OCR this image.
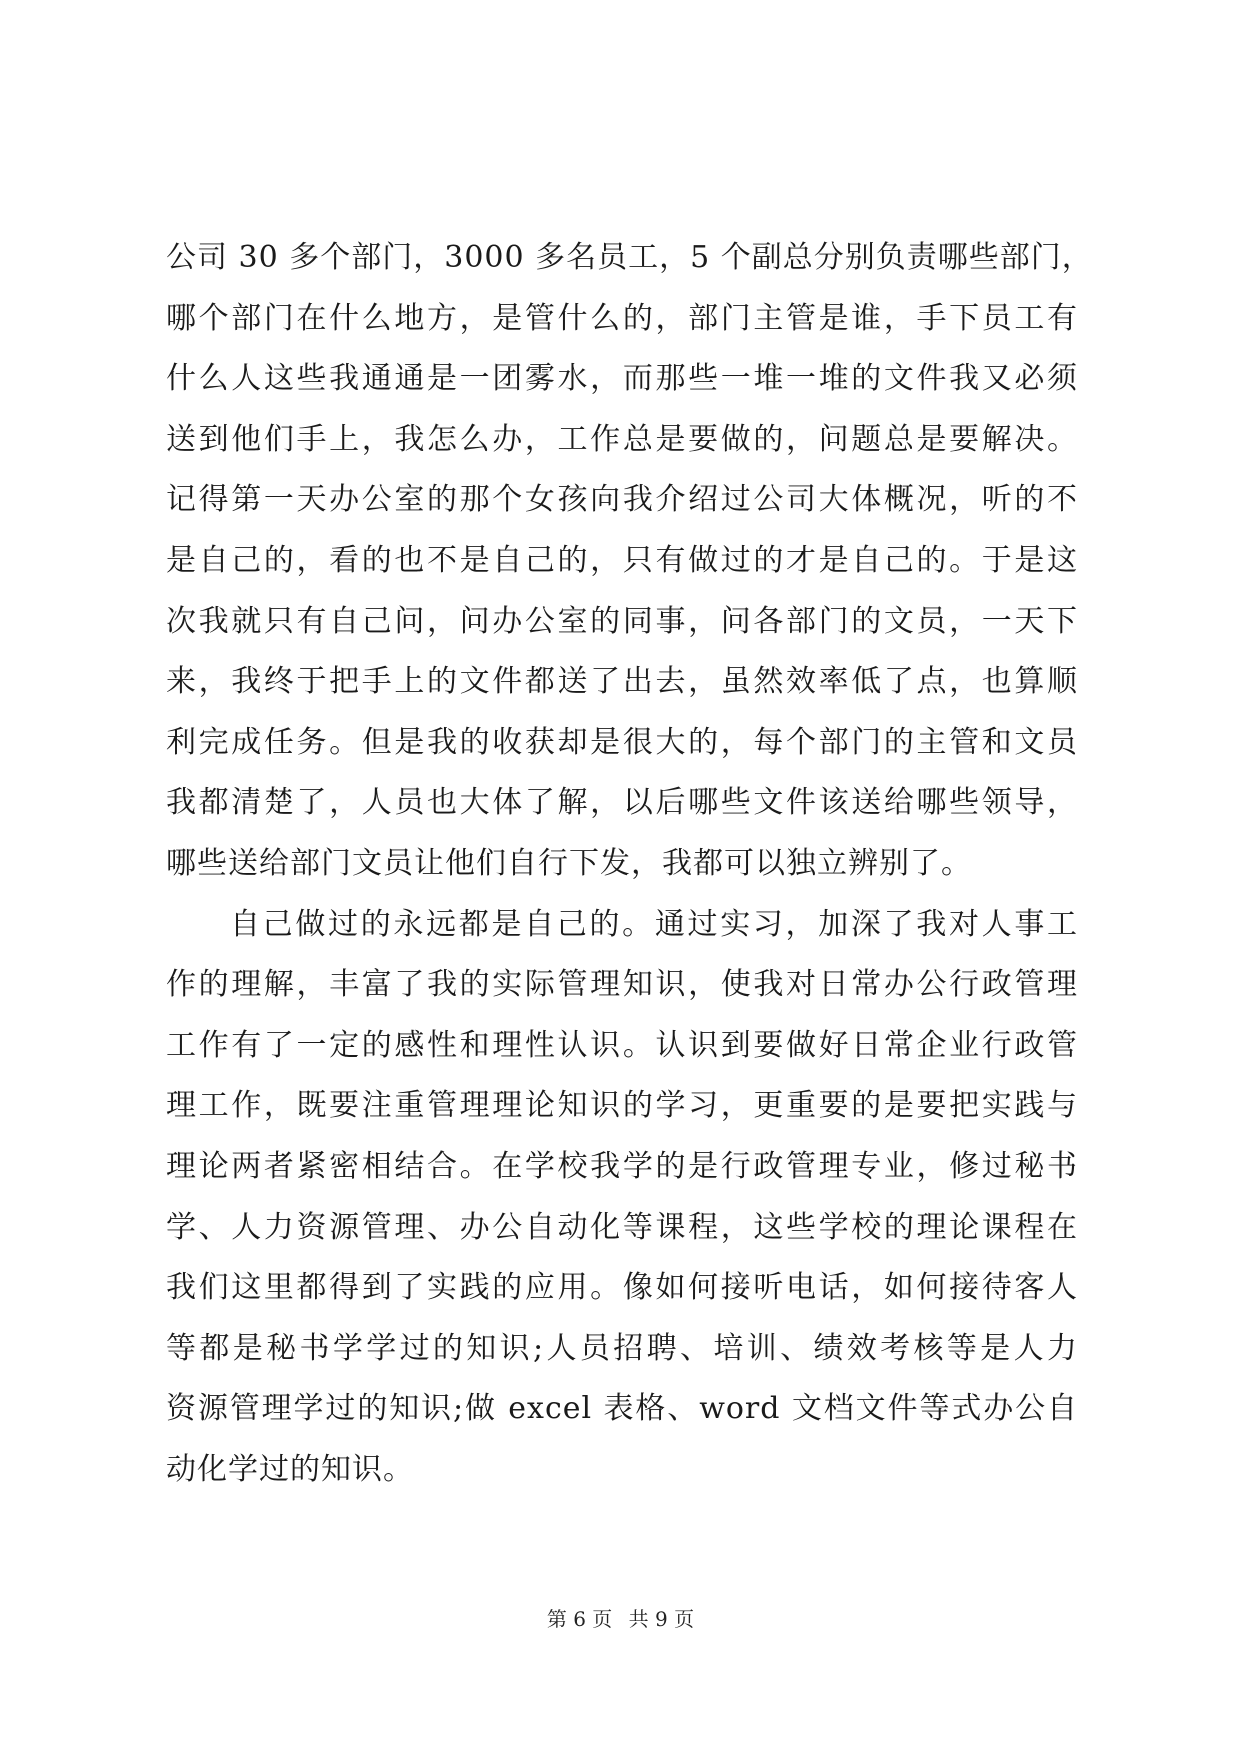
公司 30 多个部门，3000 多名员工，5 个副总分别负责哪些部门，
哪个部门在什么地方，是管什么的，部门主管是谁，手下员工有
什么人这些我通通是一团雾水，而那些一堆一堆的文件我又必须
送到他们手上，我怎么办，工作总是要做的，问题总是要解决。
记得第一天办公室的那个女孩向我介绍过公司大体概况，听的不
是自己的，看的也不是自己的，只有做过的才是自己的。于是这
次我就只有自己问，问办公室的同事，问各部门的文员，一天下
来，我终于把手上的文件都送了出去，虽然效率低了点，也算顺
利完成任务。但是我的收获却是很大的，每个部门的主管和文员
我都清楚了，人员也大体了解，以后哪些文件该送给哪些领导，
哪些送给部门文员让他们自行下发，我都可以独立辨别了。
自己做过的永远都是自己的。通过实习，加深了我对人事工
作的理解，丰富了我的实际管理知识，使我对日常办公行政管理
工作有了一定的感性和理性认识。认识到要做好日常企业行政管
理工作，既要注重管理理论知识的学习，更重要的是要把实践与
理论两者紧密相结合。在学校我学的是行政管理专业，修过秘书
学、人力资源管理、办公自动化等课程，这些学校的理论课程在
我们这里都得到了实践的应用。像如何接听电话，如何接待客人
等都是秘书学学过的知识;人员招聘、培训、绩效考核等是人力
资源管理学过的知识;做 excel 表格、word 文档文件等式办公自
动化学过的知识。
第 6 页 共 9 页
